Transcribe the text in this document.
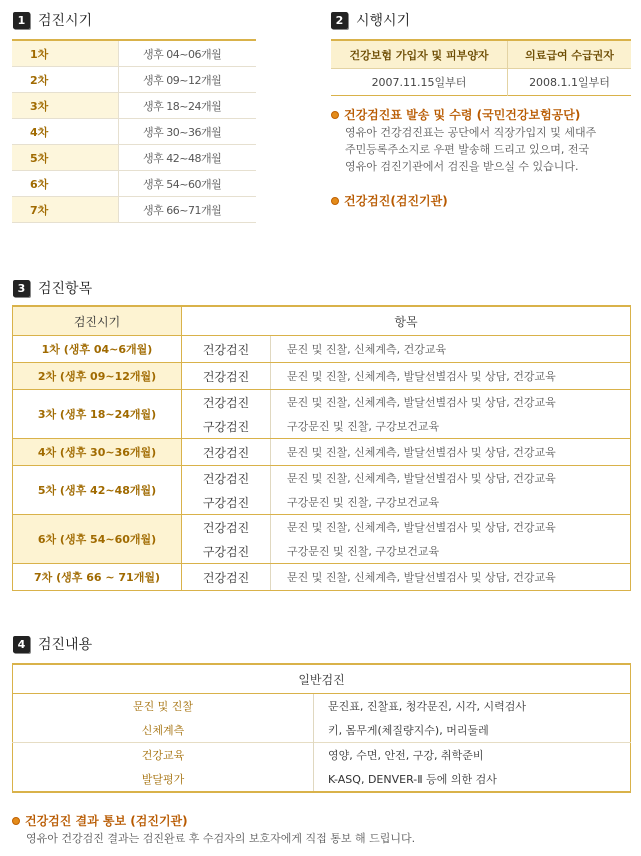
1 검진시기
1차	생후 04~06개월
2차	생후 09~12개월
3차	생후 18~24개월
4차	생후 30~36개월
5차	생후 42~48개월
6차	생후 54~60개월
7차	생후 66~71개월
2 시행시기
건강보험 가입자 및 피부양자	의료급여 수급권자
2007.11.15일부터	2008.1.1일부터
건강검진표 발송 및 수령 (국민건강보험공단)
영유아 건강검진표는 공단에서 직장가입지 및 세대주
주민등록주소지로 우편 발송해 드리고 있으며, 전국
영유아 검진기관에서 검진을 받으실 수 있습니다.
건강검진(검진기관)
3 검진항목
검진시기	항목	
1차 (생후 04~6개월)	건강검진	문진 및 진찰, 신체계측, 건강교육
2차 (생후 09~12개월)	건강검진	문진 및 진찰, 신체계측, 발달선별검사 및 상담, 건강교육
3차 (생후 18~24개월)	건강검진	문진 및 진찰, 신체계측, 발달선별검사 및 상담, 건강교육
	구강검진	구강문진 및 진찰, 구강보건교육
4차 (생후 30~36개월)	건강검진	문진 및 진찰, 신체계측, 발달선별검사 및 상담, 건강교육
5차 (생후 42~48개월)	건강검진	문진 및 진찰, 신체계측, 발달선별검사 및 상담, 건강교육
	구강검진	구강문진 및 진찰, 구강보건교육
6차 (생후 54~60개월)	건강검진	문진 및 진찰, 신체계측, 발달선별검사 및 상담, 건강교육
	구강검진	구강문진 및 진찰, 구강보건교육
7차 (생후 66 ~ 71개월)	건강검진	문진 및 진찰, 신체계측, 발달선별검사 및 상담, 건강교육
4 검진내용
일반검진	
문진 및 진찰	문진표, 진찰표, 청각문진, 시각, 시력검사
신체계측	키, 몸무게(체질량지수), 머리둘레
건강교육	영양, 수면, 안전, 구강, 취학준비
발달평가	K-ASQ, DENVER-Ⅱ 등에 의한 검사
건강검진 결과 통보 (검진기관)
영유아 건강검진 결과는 검진완료 후 수검자의 보호자에게 직접 통보 해 드립니다.
